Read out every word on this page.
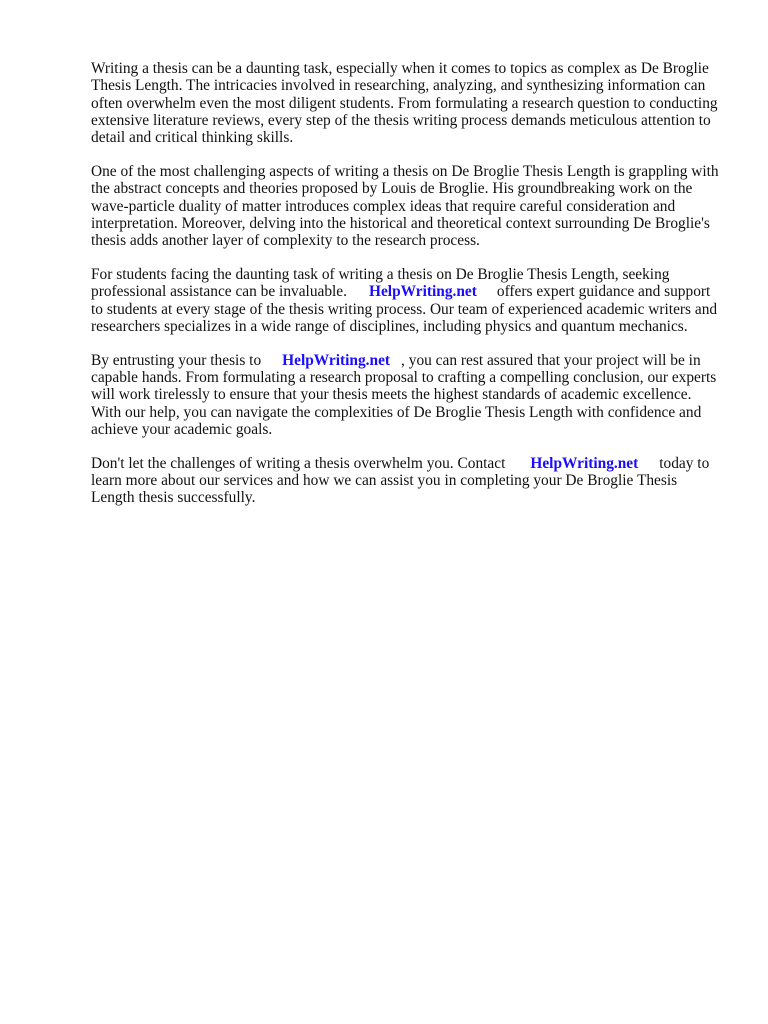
Writing a thesis can be a daunting task, especially when it comes to topics as complex as De Broglie Thesis Length. The intricacies involved in researching, analyzing, and synthesizing information can often overwhelm even the most diligent students. From formulating a research question to conducting extensive literature reviews, every step of the thesis writing process demands meticulous attention to detail and critical thinking skills.

One of the most challenging aspects of writing a thesis on De Broglie Thesis Length is grappling with the abstract concepts and theories proposed by Louis de Broglie. His groundbreaking work on the wave-particle duality of matter introduces complex ideas that require careful consideration and interpretation. Moreover, delving into the historical and theoretical context surrounding De Broglie's thesis adds another layer of complexity to the research process.

For students facing the daunting task of writing a thesis on De Broglie Thesis Length, seeking professional assistance can be invaluable. HelpWriting.net offers expert guidance and support to students at every stage of the thesis writing process. Our team of experienced academic writers and researchers specializes in a wide range of disciplines, including physics and quantum mechanics.

By entrusting your thesis to HelpWriting.net , you can rest assured that your project will be in capable hands. From formulating a research proposal to crafting a compelling conclusion, our experts will work tirelessly to ensure that your thesis meets the highest standards of academic excellence. With our help, you can navigate the complexities of De Broglie Thesis Length with confidence and achieve your academic goals.

Don't let the challenges of writing a thesis overwhelm you. Contact HelpWriting.net today to learn more about our services and how we can assist you in completing your De Broglie Thesis Length thesis successfully.
